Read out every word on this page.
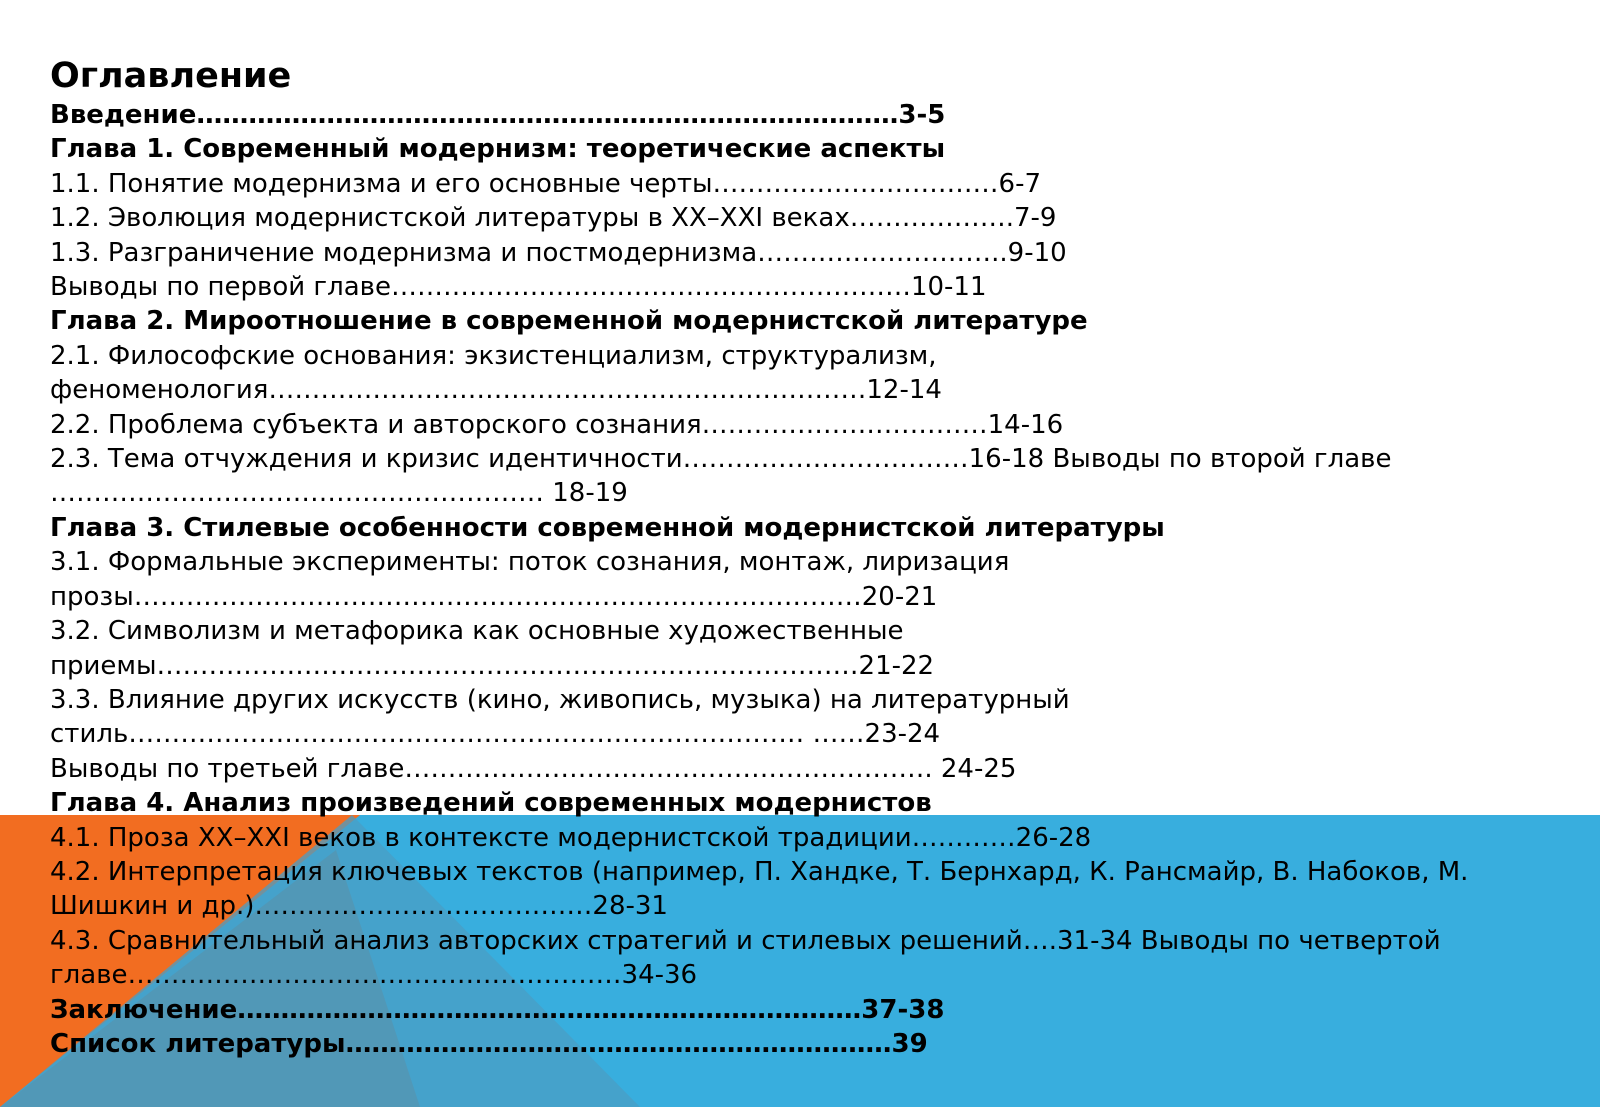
Оглавление
Введение………………………………………………………………………3-5
Глава 1. Современный модернизм: теоретические аспекты
1.1. Понятие модернизма и его основные черты……………………………6-7
1.2. Эволюция модернистской литературы в XX–XXI веках……………….7-9
1.3. Разграничение модернизма и постмодернизма………………………..9-10
Выводы по первой главе……………………………………………………10-11
Глава 2. Мироотношение в современной модернистской литературе
2.1. Философские основания: экзистенциализм, структурализм,
феноменология……………………………………………………………12-14
2.2. Проблема субъекта и авторского сознания……………………………14-16
2.3. Тема отчуждения и кризис идентичности……………………………16-18 Выводы по второй главе
………………………………………………… 18-19
Глава 3. Стилевые особенности современной модернистской литературы
3.1. Формальные эксперименты: поток сознания, монтаж, лиризация
прозы…………………………………………………………………………20-21
3.2. Символизм и метафорика как основные художественные
приемы………………………………………………………………………21-22
3.3. Влияние других искусств (кино, живопись, музыка) на литературный
стиль…………………………………………………………………… ……23-24
Выводы по третьей главе……………………………………………………. 24-25
Глава 4. Анализ произведений современных модернистов
4.1. Проза XX–XXI веков в контексте модернистской традиции…………26-28
4.2. Интерпретация ключевых текстов (например, П. Хандке, Т. Бернхард, К. Рансмайр, В. Набоков, М.
Шишкин и др.)…………………………………28-31
4.3. Сравнительный анализ авторских стратегий и стилевых решений….31-34 Выводы по четвертой
главе…………………………………………………34-36
Заключение………………………………………………………………37-38
Список литературы………………………………………………………39
